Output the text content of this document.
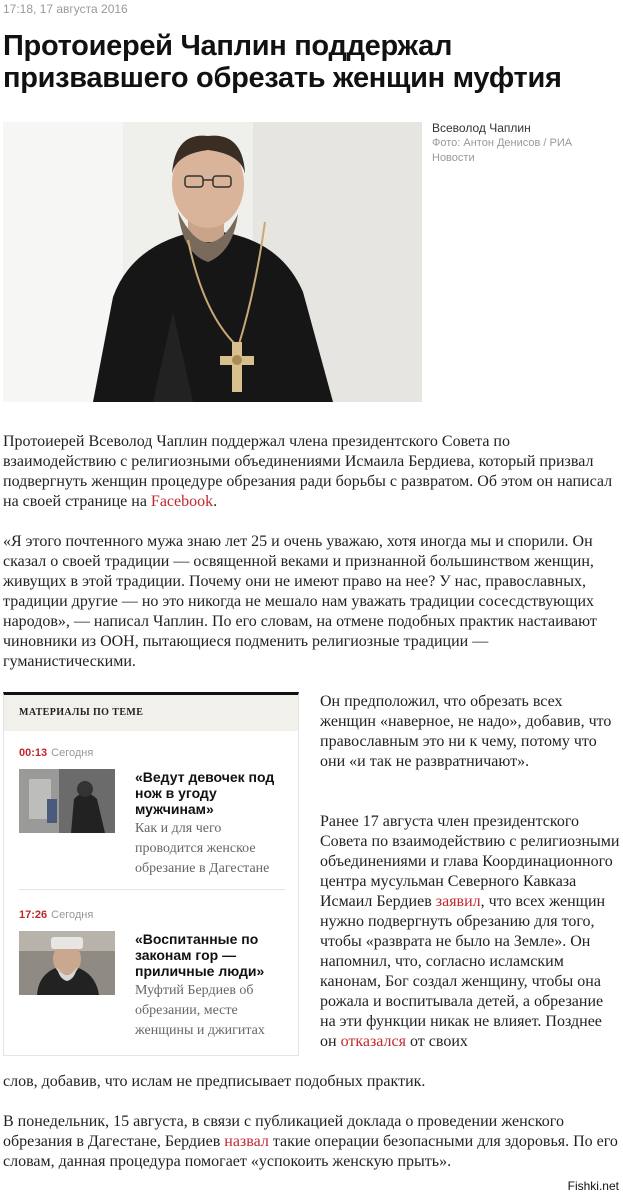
17:18, 17 августа 2016
Протоиерей Чаплин поддержал призвавшего обрезать женщин муфтия
Всеволод Чаплин
Фото: Антон Денисов / РИА Новости

Протоиерей Всеволод Чаплин поддержал члена президентского Совета по взаимодействию с религиозными объединениями Исмаила Бердиева, который призвал подвергнуть женщин процедуре обрезания ради борьбы с развратом. Об этом он написал на своей странице на Facebook.

«Я этого почтенного мужа знаю лет 25 и очень уважаю, хотя иногда мы и спорили. Он сказал о своей традиции — освященной веками и признанной большинством женщин, живущих в этой традиции. Почему они не имеют право на нее? У нас, православных, традиции другие — но это никогда не мешало нам уважать традиции сосесдствующих народов», — написал Чаплин. По его словам, на отмене подобных практик настаивают чиновники из ООН, пытающиеся подменить религиозные традиции — гуманистическими.

МАТЕРИАЛЫ ПО ТЕМЕ
00:13 Сегодня
«Ведут девочек под нож в угоду мужчинам»
Как и для чего проводится женское обрезание в Дагестане
17:26 Сегодня
«Воспитанные по законам гор — приличные люди»
Муфтий Бердиев об обрезании, месте женщины и джигитах

Он предположил, что обрезать всех женщин «наверное, не надо», добавив, что православным это ни к чему, потому что они «и так не развратничают».

Ранее 17 августа член президентского Совета по взаимодействию с религиозными объединениями и глава Координационного центра мусульман Северного Кавказа Исмаил Бердиев заявил, что всех женщин нужно подвергнуть обрезанию для того, чтобы «разврата не было на Земле». Он напомнил, что, согласно исламским канонам, Бог создал женщину, чтобы она рожала и воспитывала детей, а обрезание на эти функции никак не влияет. Позднее он отказался от своих

слов, добавив, что ислам не предписывает подобных практик.

В понедельник, 15 августа, в связи с публикацией доклада о проведении женского обрезания в Дагестане, Бердиев назвал такие операции безопасными для здоровья. По его словам, данная процедура помогает «успокоить женскую прыть».

Fishki.net
